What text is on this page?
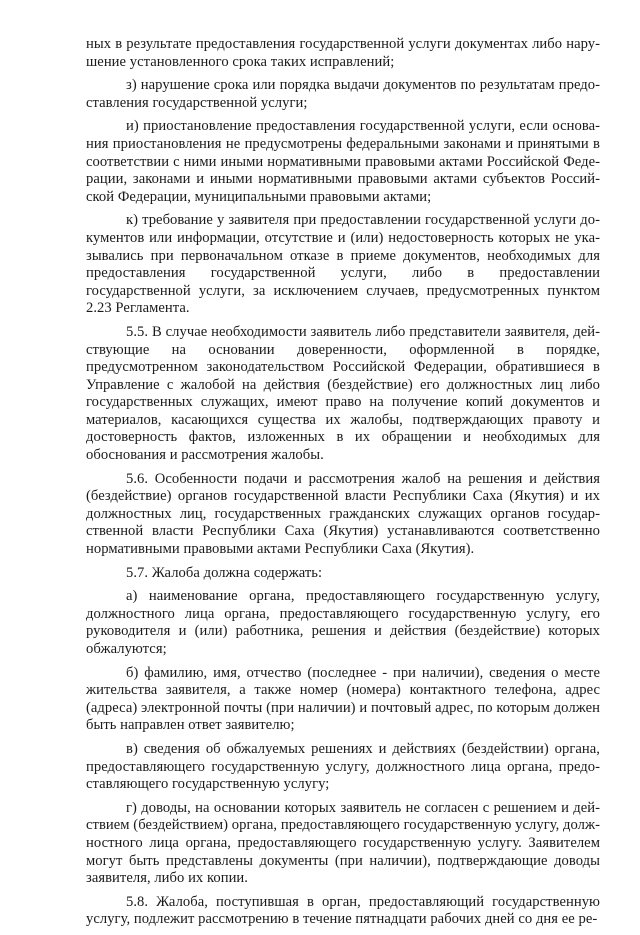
ных в результате предоставления государственной услуги документах либо нарушение установленного срока таких исправлений;

з) нарушение срока или порядка выдачи документов по результатам предоставления государственной услуги;

и) приостановление предоставления государственной услуги, если основания приостановления не предусмотрены федеральными законами и принятыми в соответствии с ними иными нормативными правовыми актами Российской Федерации, законами и иными нормативными правовыми актами субъектов Российской Федерации, муниципальными правовыми актами;

к) требование у заявителя при предоставлении государственной услуги документов или информации, отсутствие и (или) недостоверность которых не указывались при первоначальном отказе в приеме документов, необходимых для предоставления государственной услуги, либо в предоставлении государственной услуги, за исключением случаев, предусмотренных пунктом 2.23 Регламента.

5.5. В случае необходимости заявитель либо представители заявителя, действующие на основании доверенности, оформленной в порядке, предусмотренном законодательством Российской Федерации, обратившиеся в Управление с жалобой на действия (бездействие) его должностных лиц либо государственных служащих, имеют право на получение копий документов и материалов, касающихся существа их жалобы, подтверждающих правоту и достоверность фактов, изложенных в их обращении и необходимых для обоснования и рассмотрения жалобы.

5.6. Особенности подачи и рассмотрения жалоб на решения и действия (бездействие) органов государственной власти Республики Саха (Якутия) и их должностных лиц, государственных гражданских служащих органов государственной власти Республики Саха (Якутия) устанавливаются соответственно нормативными правовыми актами Республики Саха (Якутия).

5.7. Жалоба должна содержать:

а) наименование органа, предоставляющего государственную услугу, должностного лица органа, предоставляющего государственную услугу, его руководителя и (или) работника, решения и действия (бездействие) которых обжалуются;

б) фамилию, имя, отчество (последнее - при наличии), сведения о месте жительства заявителя, а также номер (номера) контактного телефона, адрес (адреса) электронной почты (при наличии) и почтовый адрес, по которым должен быть направлен ответ заявителю;

в) сведения об обжалуемых решениях и действиях (бездействии) органа, предоставляющего государственную услугу, должностного лица органа, предоставляющего государственную услугу;

г) доводы, на основании которых заявитель не согласен с решением и действием (бездействием) органа, предоставляющего государственную услугу, должностного лица органа, предоставляющего государственную услугу. Заявителем могут быть представлены документы (при наличии), подтверждающие доводы заявителя, либо их копии.

5.8. Жалоба, поступившая в орган, предоставляющий государственную услугу, подлежит рассмотрению в течение пятнадцати рабочих дней со дня ее ре-
